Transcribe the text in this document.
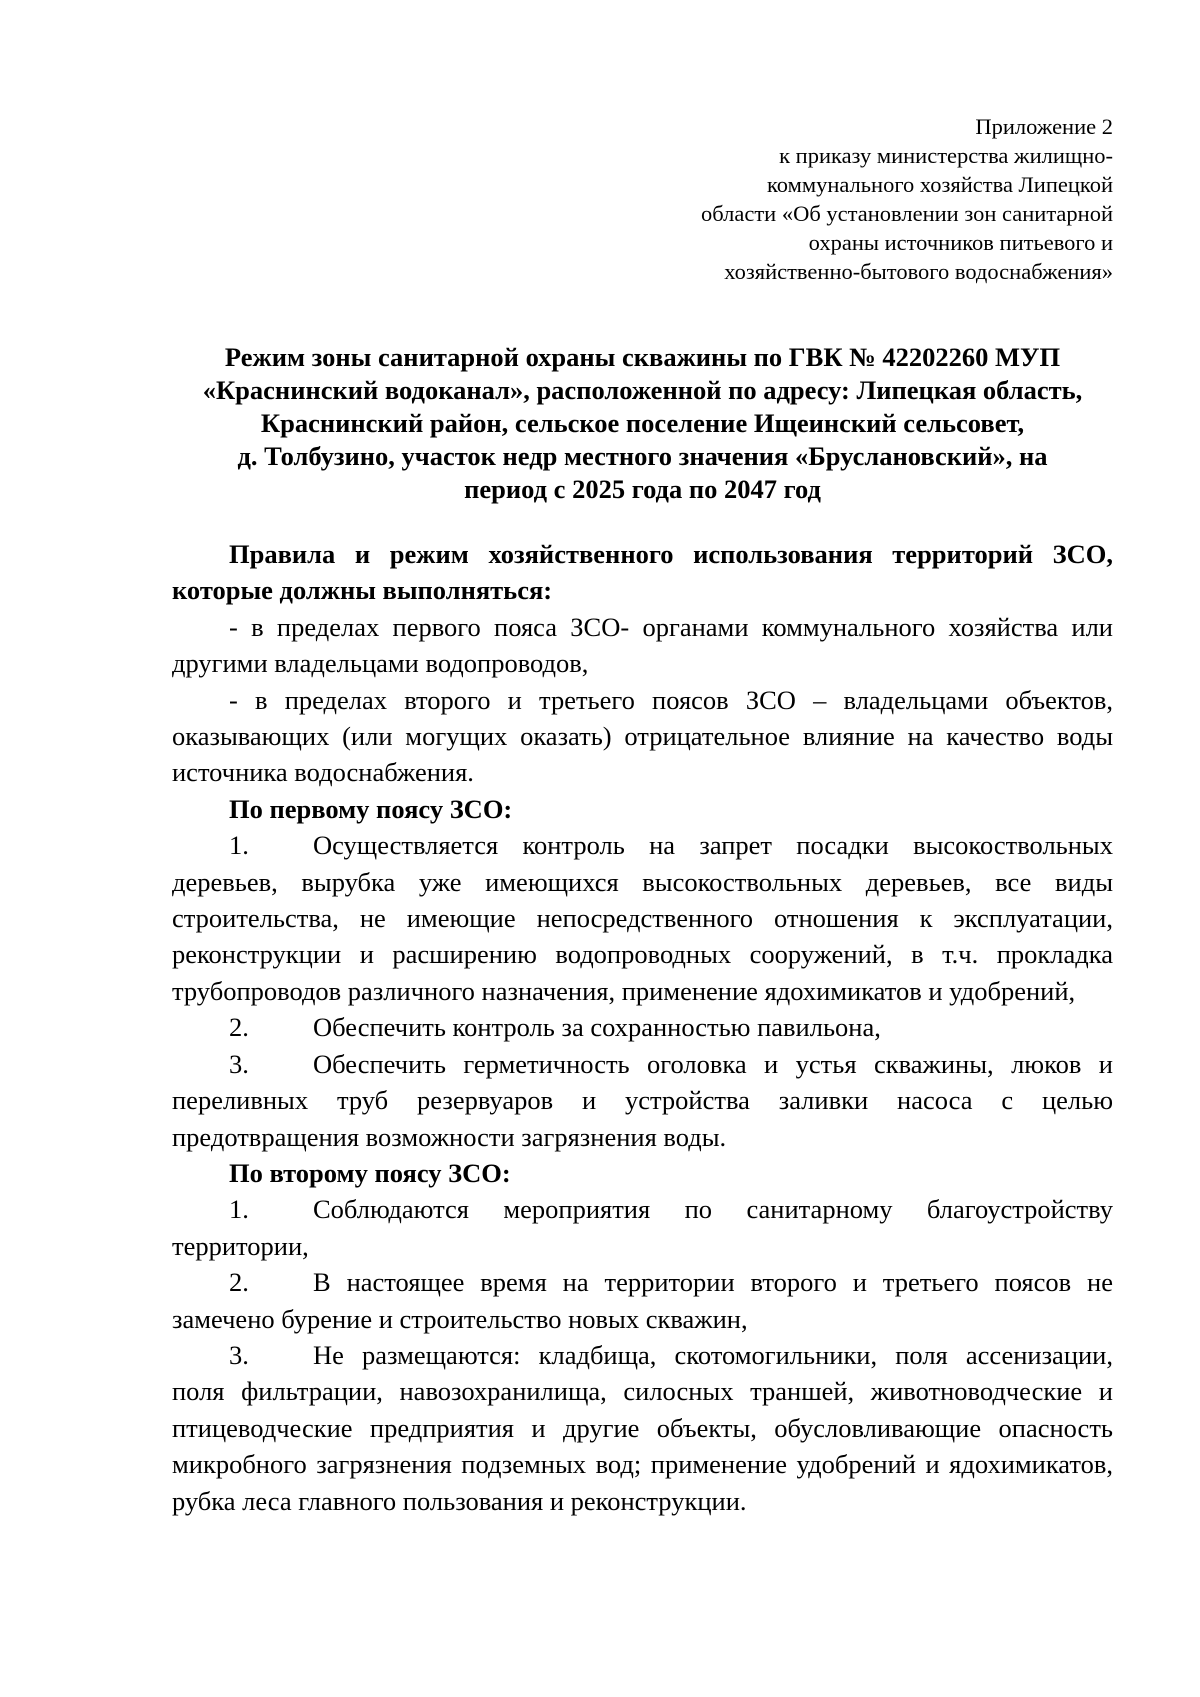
Приложение 2
к приказу министерства жилищно-
коммунального хозяйства Липецкой
области «Об установлении зон санитарной
охраны источников питьевого и
хозяйственно-бытового водоснабжения»
Режим зоны санитарной охраны скважины по ГВК № 42202260 МУП
«Краснинский водоканал», расположенной по адресу: Липецкая область,
Краснинский район, сельское поселение Ищеинский сельсовет,
д. Толбузино, участок недр местного значения «Бруслановский», на
период с 2025 года по 2047 год

Правила и режим хозяйственного использования территорий ЗСО, которые должны выполняться:

- в пределах первого пояса ЗСО- органами коммунального хозяйства или другими владельцами водопроводов,

- в пределах второго и третьего поясов ЗСО – владельцами объектов, оказывающих (или могущих оказать) отрицательное влияние на качество воды источника водоснабжения.

По первому поясу ЗСО:

1. Осуществляется контроль на запрет посадки высокоствольных деревьев, вырубка уже имеющихся высокоствольных деревьев, все виды строительства, не имеющие непосредственного отношения к эксплуатации, реконструкции и расширению водопроводных сооружений, в т.ч. прокладка трубопроводов различного назначения, применение ядохимикатов и удобрений,

2. Обеспечить контроль за сохранностью павильона,

3. Обеспечить герметичность оголовка и устья скважины, люков и переливных труб резервуаров и устройства заливки насоса с целью предотвращения возможности загрязнения воды.

По второму поясу ЗСО:

1. Соблюдаются мероприятия по санитарному благоустройству территории,

2. В настоящее время на территории второго и третьего поясов не замечено бурение и строительство новых скважин,

3. Не размещаются: кладбища, скотомогильники, поля ассенизации, поля фильтрации, навозохранилища, силосных траншей, животноводческие и птицеводческие предприятия и другие объекты, обусловливающие опасность микробного загрязнения подземных вод; применение удобрений и ядохимикатов, рубка леса главного пользования и реконструкции.
